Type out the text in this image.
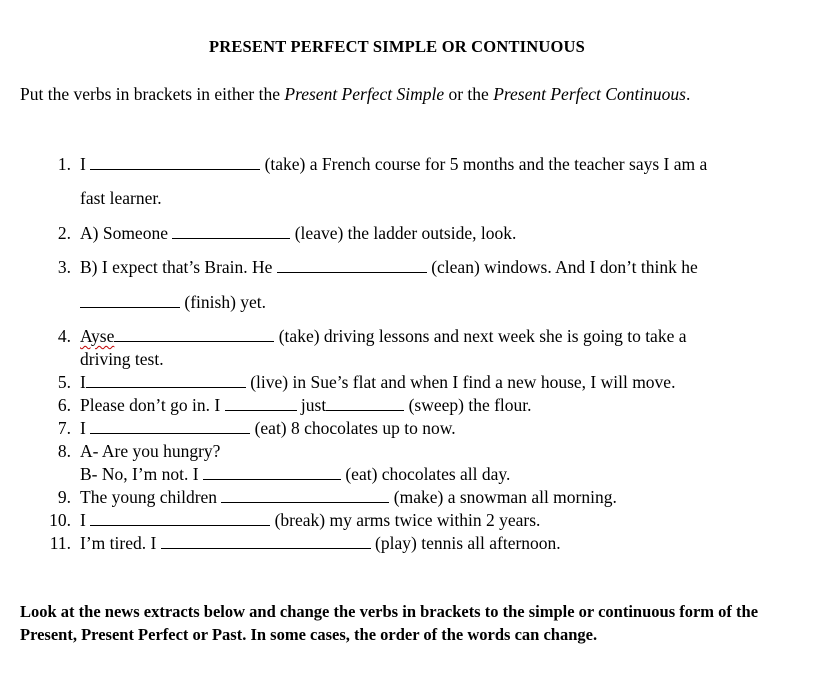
PRESENT PERFECT SIMPLE OR CONTINUOUS
Put the verbs in brackets in either the Present Perfect Simple or the Present Perfect Continuous.
1. I	(take) a French course for 5 months and the teacher says I am a
fast learner.
2. A) Someone	(leave) the ladder outside, look.
3. B) I expect that’s Brain. He	(clean) windows. And I don’t think he
(finish) yet.
4. Ayse	(take) driving lessons and next week she is going to take a
driving test.
5. I	(live) in Sue’s flat and when I find a new house, I will move.
6. Please don’t go in. I	just	(sweep) the flour.
7. I	(eat) 8 chocolates up to now.
8. A- Are you hungry?
B- No, I’m not. I	(eat) chocolates all day.
9. The young children	(make) a snowman all morning.
10. I	(break) my arms twice within 2 years.
11. I’m tired. I	(play) tennis all afternoon.
Look at the news extracts below and change the verbs in brackets to the simple or continuous form of the Present, Present Perfect or Past. In some cases, the order of the words can change.
